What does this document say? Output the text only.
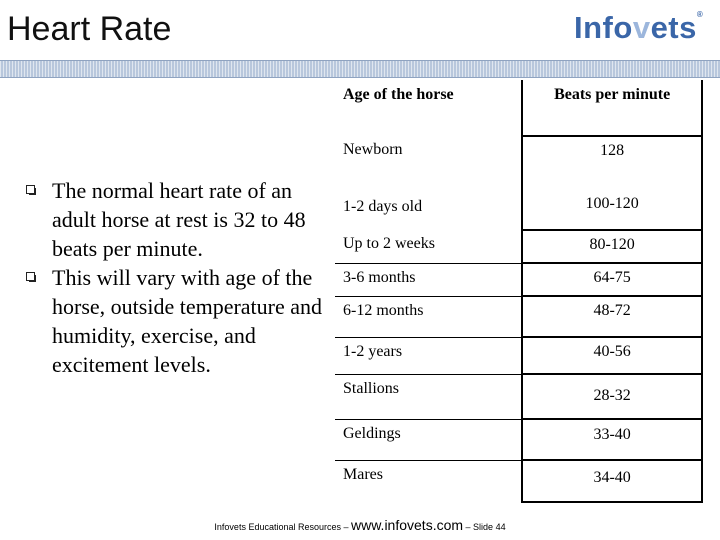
Heart Rate	Infovets®
The normal heart rate of an adult horse at rest is 32 to 48 beats per minute.
This will vary with age of the horse, outside temperature and humidity, exercise, and excitement levels.
Age of the horse	Beats per minute
Newborn	128
1-2 days old	100-120
Up to 2 weeks	80-120
3-6 months	64-75
6-12 months	48-72
1-2 years	40-56
Stallions	28-32
Geldings	33-40
Mares	34-40
Infovets Educational Resources – www.infovets.com – Slide 44
